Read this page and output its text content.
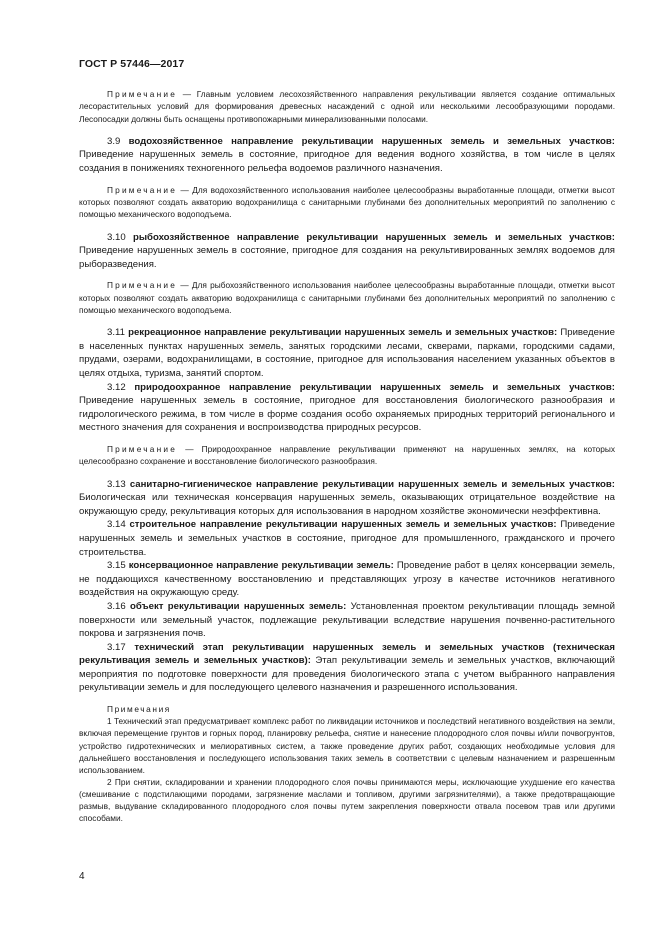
ГОСТ Р 57446—2017

Примечание — Главным условием лесохозяйственного направления рекультивации является создание оптимальных лесорастительных условий для формирования древесных насаждений с одной или несколькими лесообразующими породами. Лесопосадки должны быть оснащены противопожарными минерализованными полосами.

3.9 водохозяйственное направление рекультивации нарушенных земель и земельных участков: Приведение нарушенных земель в состояние, пригодное для ведения водного хозяйства, в том числе в целях создания в понижениях техногенного рельефа водоемов различного назначения.

Примечание — Для водохозяйственного использования наиболее целесообразны выработанные площади, отметки высот которых позволяют создать акваторию водохранилища с санитарными глубинами без дополнительных мероприятий по заполнению с помощью механического водоподъема.

3.10 рыбохозяйственное направление рекультивации нарушенных земель и земельных участков: Приведение нарушенных земель в состояние, пригодное для создания на рекультивированных землях водоемов для рыборазведения.

Примечание — Для рыбохозяйственного использования наиболее целесообразны выработанные площади, отметки высот которых позволяют создать акваторию водохранилища с санитарными глубинами без дополнительных мероприятий по заполнению с помощью механического водоподъема.

3.11 рекреационное направление рекультивации нарушенных земель и земельных участков: Приведение в населенных пунктах нарушенных земель, занятых городскими лесами, скверами, парками, городскими садами, прудами, озерами, водохранилищами, в состояние, пригодное для использования населением указанных объектов в целях отдыха, туризма, занятий спортом.

3.12 природоохранное направление рекультивации нарушенных земель и земельных участков: Приведение нарушенных земель в состояние, пригодное для восстановления биологического разнообразия и гидрологического режима, в том числе в форме создания особо охраняемых природных территорий регионального и местного значения для сохранения и воспроизводства природных ресурсов.

Примечание — Природоохранное направление рекультивации применяют на нарушенных землях, на которых целесообразно сохранение и восстановление биологического разнообразия.

3.13 санитарно-гигиеническое направление рекультивации нарушенных земель и земельных участков: Биологическая или техническая консервация нарушенных земель, оказывающих отрицательное воздействие на окружающую среду, рекультивация которых для использования в народном хозяйстве экономически неэффективна.

3.14 строительное направление рекультивации нарушенных земель и земельных участков: Приведение нарушенных земель и земельных участков в состояние, пригодное для промышленного, гражданского и прочего строительства.

3.15 консервационное направление рекультивации земель: Проведение работ в целях консервации земель, не поддающихся качественному восстановлению и представляющих угрозу в качестве источников негативного воздействия на окружающую среду.

3.16 объект рекультивации нарушенных земель: Установленная проектом рекультивации площадь земной поверхности или земельный участок, подлежащие рекультивации вследствие нарушения почвенно-растительного покрова и загрязнения почв.

3.17 технический этап рекультивации нарушенных земель и земельных участков (техническая рекультивация земель и земельных участков): Этап рекультивации земель и земельных участков, включающий мероприятия по подготовке поверхности для проведения биологического этапа с учетом выбранного направления рекультивации земель и для последующего целевого назначения и разрешенного использования.

Примечания

1 Технический этап предусматривает комплекс работ по ликвидации источников и последствий негативного воздействия на земли, включая перемещение грунтов и горных пород, планировку рельефа, снятие и нанесение плодородного слоя почвы и/или почвогрунтов, устройство гидротехнических и мелиоративных систем, а также проведение других работ, создающих необходимые условия для дальнейшего восстановления и последующего использования таких земель в соответствии с целевым назначением и разрешенным использованием.

2 При снятии, складировании и хранении плодородного слоя почвы принимаются меры, исключающие ухудшение его качества (смешивание с подстилающими породами, загрязнение маслами и топливом, другими загрязнителями), а также предотвращающие размыв, выдувание складированного плодородного слоя почвы путем закрепления поверхности отвала посевом трав или другими способами.

4
